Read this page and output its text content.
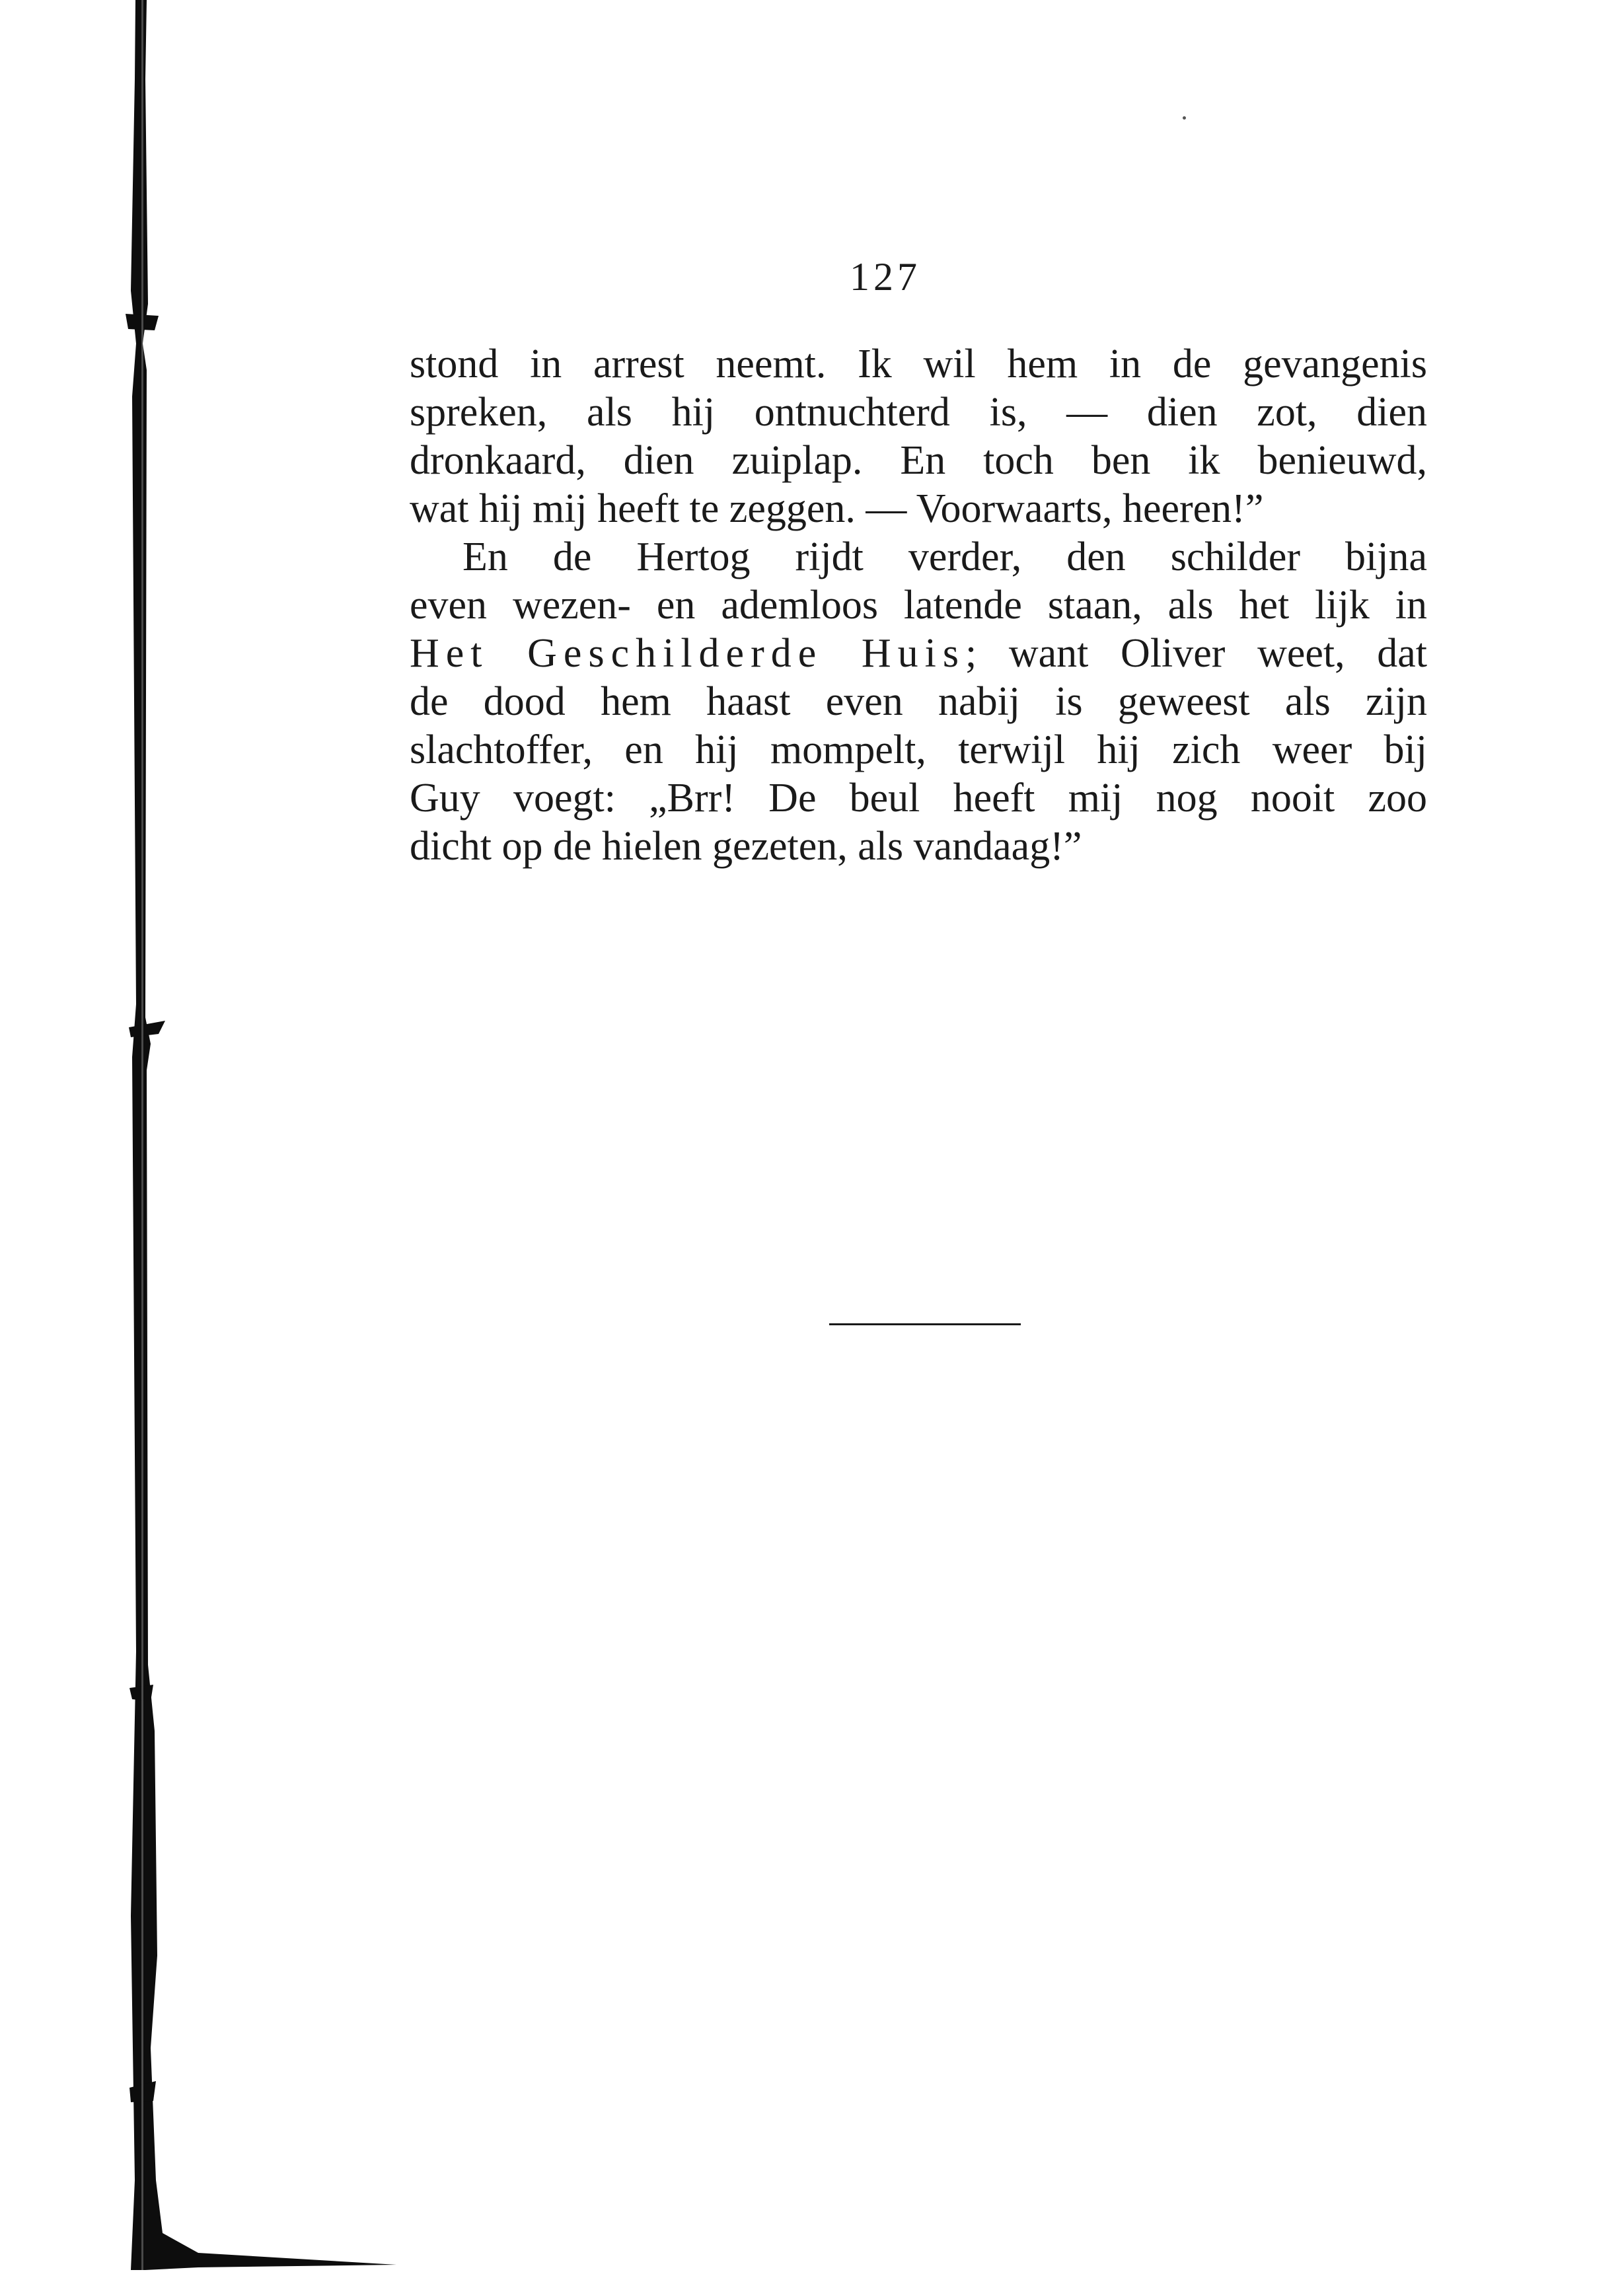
127

stond in arrest neemt. Ik wil hem in de gevangenis
spreken, als hij ontnuchterd is, — dien zot, dien
dronkaard, dien zuiplap. En toch ben ik benieuwd,
wat hij mij heeft te zeggen. — Voorwaarts, heeren!”
En de Hertog rijdt verder, den schilder bijna
even wezen- en ademloos latende staan, als het lijk in
Het Geschilderde Huis; want Oliver weet, dat
de dood hem haast even nabij is geweest als zijn
slachtoffer, en hij mompelt, terwijl hij zich weer bij
Guy voegt: „Brr! De beul heeft mij nog nooit zoo
dicht op de hielen gezeten, als vandaag!”
